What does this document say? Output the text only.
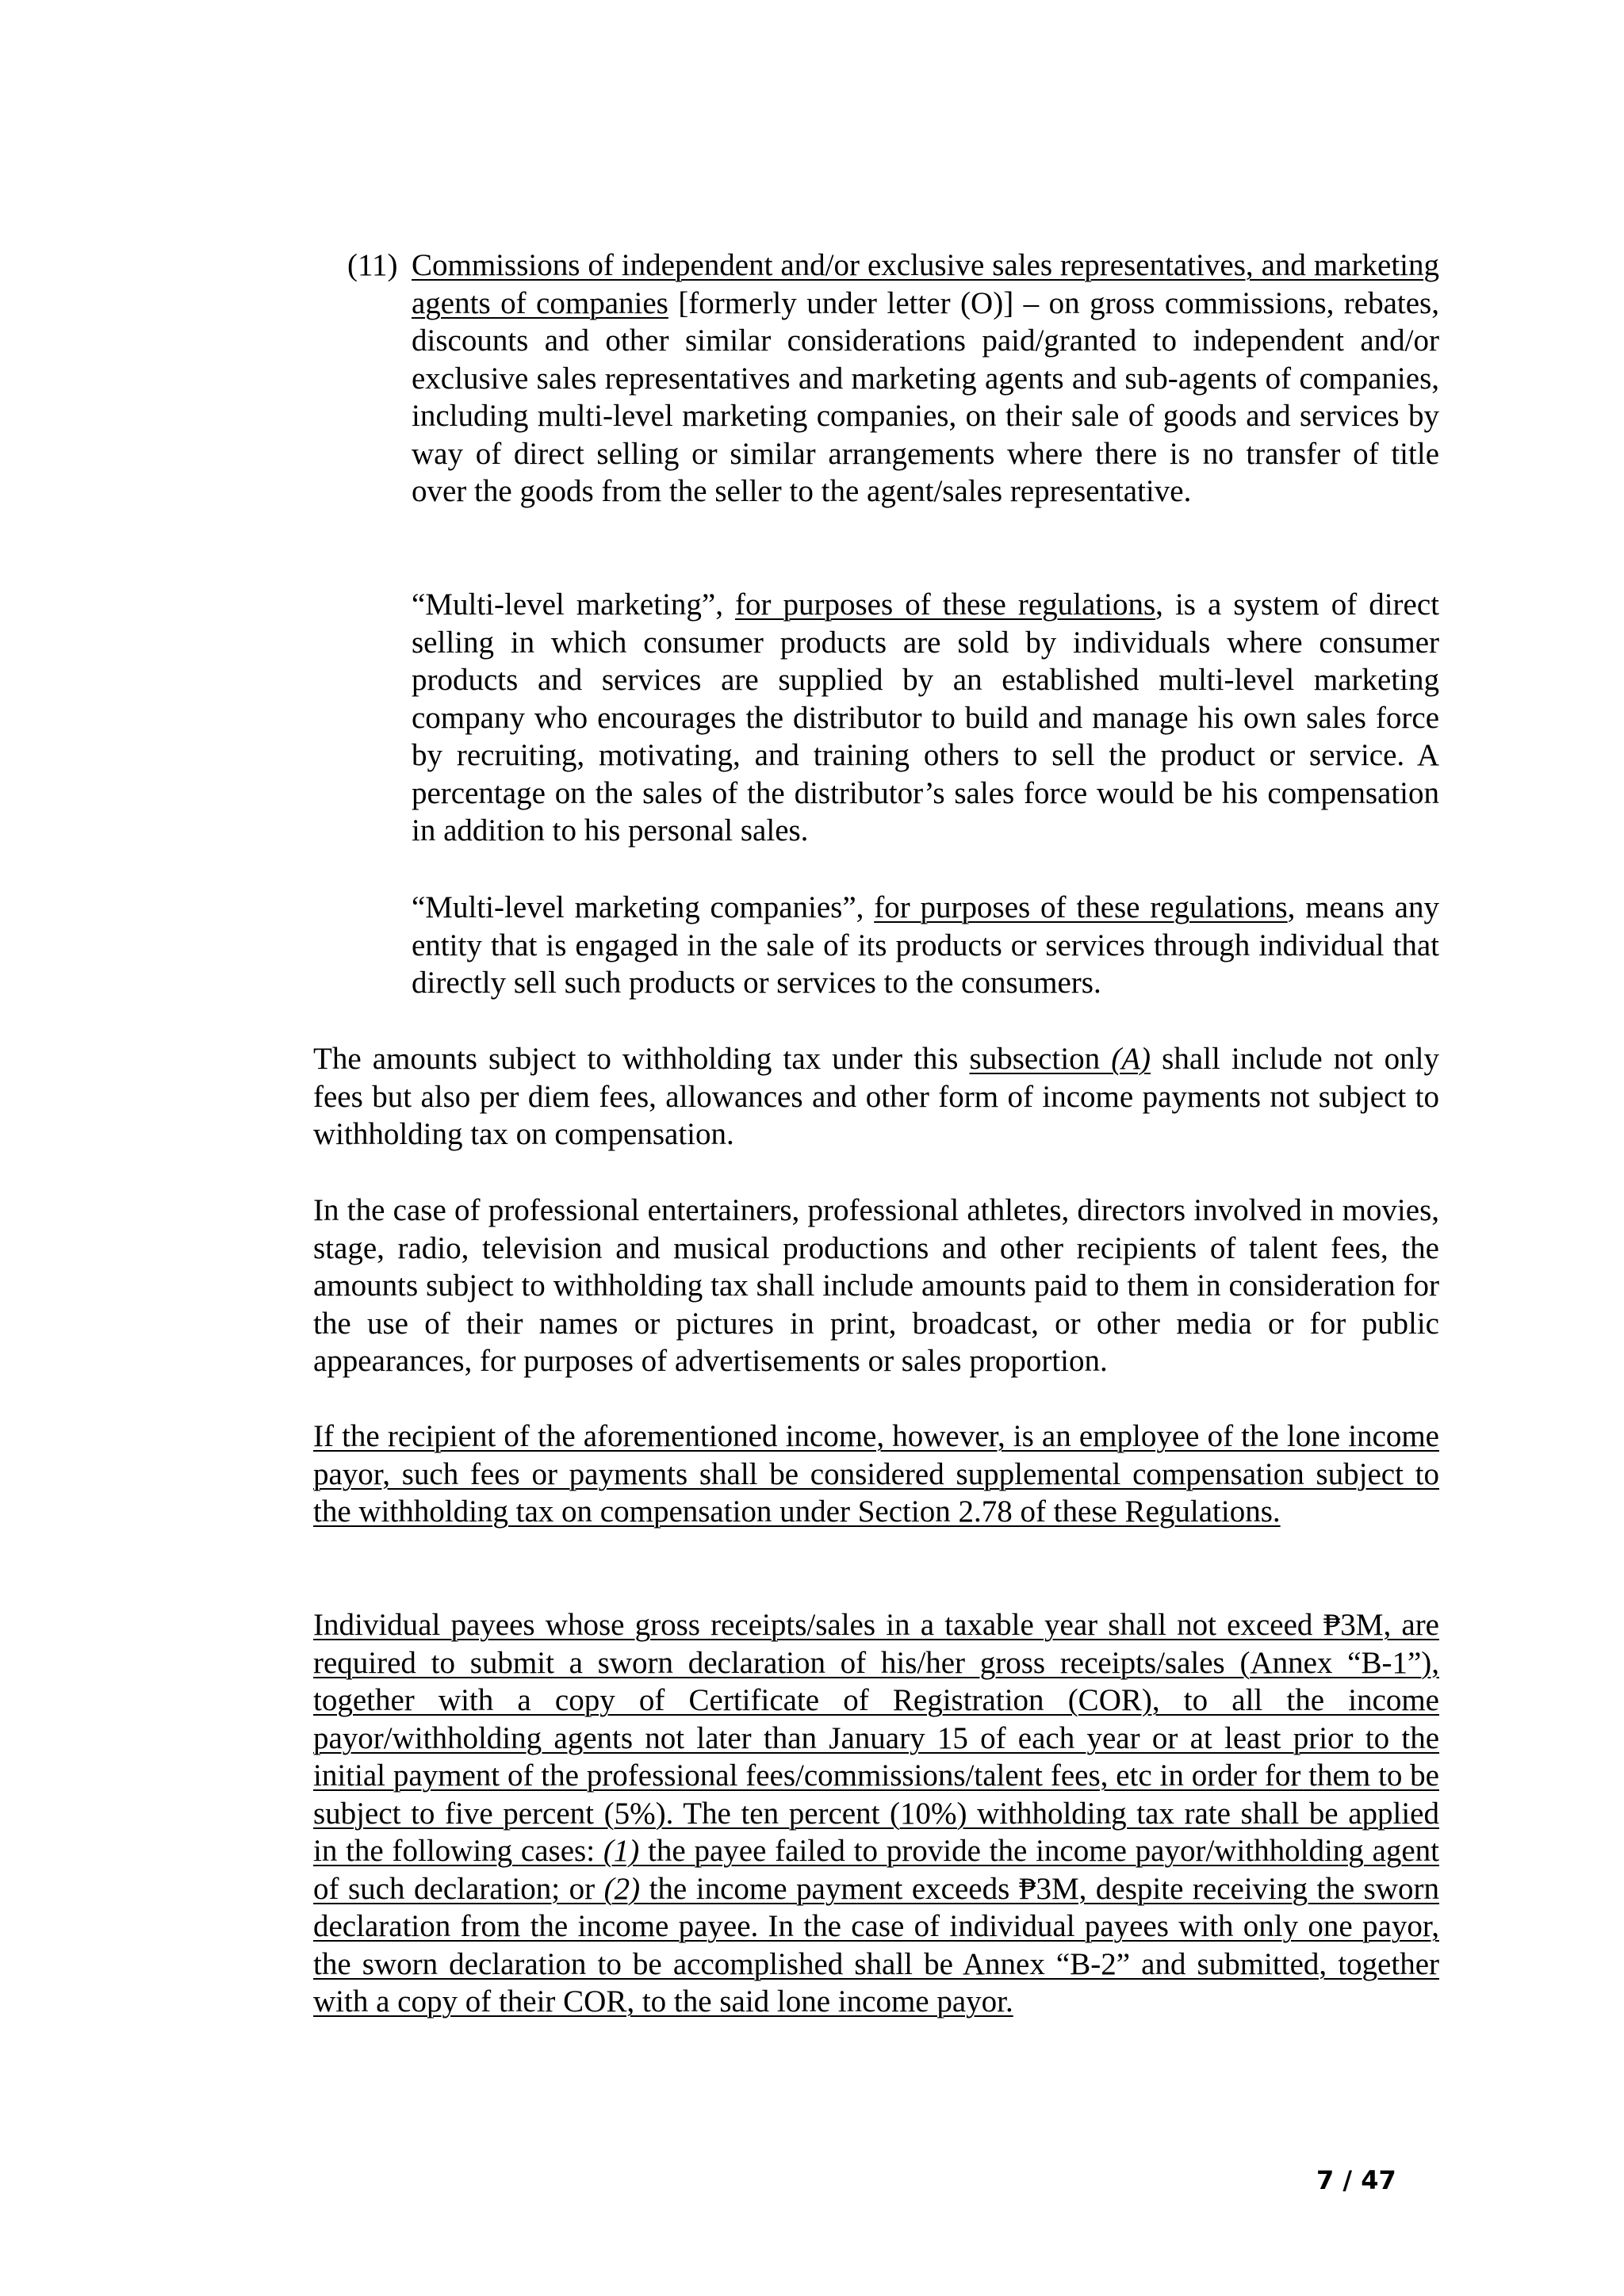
(11) Commissions of independent and/or exclusive sales representatives, and marketing agents of companies [formerly under letter (O)] – on gross commissions, rebates, discounts and other similar considerations paid/granted to independent and/or exclusive sales representatives and marketing agents and sub-agents of companies, including multi-level marketing companies, on their sale of goods and services by way of direct selling or similar arrangements where there is no transfer of title over the goods from the seller to the agent/sales representative.

“Multi-level marketing”, for purposes of these regulations, is a system of direct selling in which consumer products are sold by individuals where consumer products and services are supplied by an established multi-level marketing company who encourages the distributor to build and manage his own sales force by recruiting, motivating, and training others to sell the product or service. A percentage on the sales of the distributor’s sales force would be his compensation in addition to his personal sales.

“Multi-level marketing companies”, for purposes of these regulations, means any entity that is engaged in the sale of its products or services through individual that directly sell such products or services to the consumers.

The amounts subject to withholding tax under this subsection (A) shall include not only fees but also per diem fees, allowances and other form of income payments not subject to withholding tax on compensation.

In the case of professional entertainers, professional athletes, directors involved in movies, stage, radio, television and musical productions and other recipients of talent fees, the amounts subject to withholding tax shall include amounts paid to them in consideration for the use of their names or pictures in print, broadcast, or other media or for public appearances, for purposes of advertisements or sales proportion.

If the recipient of the aforementioned income, however, is an employee of the lone income payor, such fees or payments shall be considered supplemental compensation subject to the withholding tax on compensation under Section 2.78 of these Regulations.

Individual payees whose gross receipts/sales in a taxable year shall not exceed ₱3M, are required to submit a sworn declaration of his/her gross receipts/sales (Annex “B-1”), together with a copy of Certificate of Registration (COR), to all the income payor/withholding agents not later than January 15 of each year or at least prior to the initial payment of the professional fees/commissions/talent fees, etc in order for them to be subject to five percent (5%). The ten percent (10%) withholding tax rate shall be applied in the following cases: (1) the payee failed to provide the income payor/withholding agent of such declaration; or (2) the income payment exceeds ₱3M, despite receiving the sworn declaration from the income payee. In the case of individual payees with only one payor, the sworn declaration to be accomplished shall be Annex “B-2” and submitted, together with a copy of their COR, to the said lone income payor.

7 / 47
